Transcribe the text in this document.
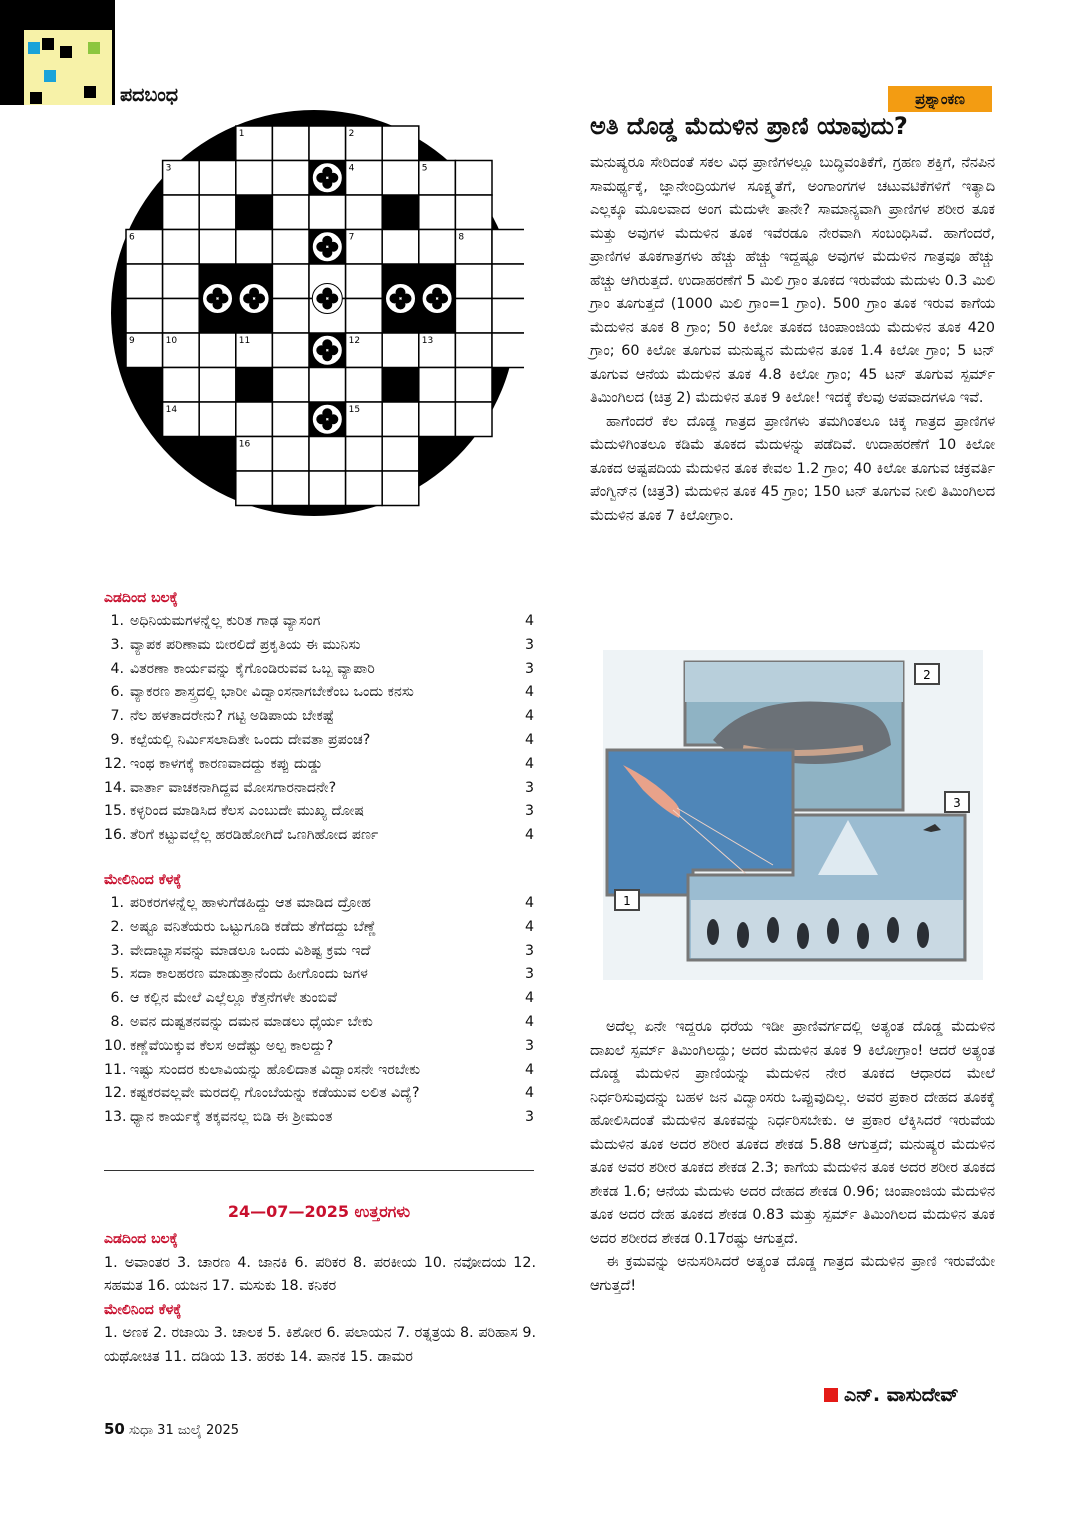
ಪದಬಂಧ
1	2
3	4	5
6	7	8
9	10	11	12	13
14	15
16
ಎಡದಿಂದ ಬಲಕ್ಕೆ
1. ಅಧಿನಿಯಮಗಳನ್ನೆಲ್ಲ ಕುರಿತ ಗಾಢ ವ್ಯಾಸಂಗ	4
3. ವ್ಯಾಪಕ ಪರಿಣಾಮ ಬೀರಲಿದೆ ಪ್ರಕೃತಿಯ ಈ ಮುನಿಸು	3
4. ವಿತರಣಾ ಕಾರ್ಯವನ್ನು ಕೈಗೊಂಡಿರುವವ ಒಬ್ಬ ವ್ಯಾಪಾರಿ	3
6. ವ್ಯಾಕರಣ ಶಾಸ್ತ್ರದಲ್ಲಿ ಭಾರೀ ವಿದ್ವಾಂಸನಾಗಬೇಕೆಂಬ ಒಂದು ಕನಸು	4
7. ನೆಲ ಹಳತಾದರೇನು? ಗಟ್ಟಿ ಅಡಿಪಾಯ ಬೇಕಷ್ಟೆ	4
9. ಕಲ್ಪೆಯಲ್ಲಿ ನಿರ್ಮಿಸಲಾದಿತೇ ಒಂದು ದೇವತಾ ಪ್ರಪಂಚ?	4
12. ಇಂಥ ಕಾಳಗಕ್ಕೆ ಕಾರಣವಾದದ್ದು ಕಪ್ಪು ದುಡ್ಡು	4
14. ವಾರ್ತಾ ವಾಚಕನಾಗಿದ್ದವ ಮೋಸಗಾರನಾದನೇ?	3
15. ಕಳ್ಳರಿಂದ ಮಾಡಿಸಿದ ಕೆಲಸ ಎಂಬುದೇ ಮುಖ್ಯ ದೋಷ	3
16. ತೆರಿಗೆ ಕಟ್ಟುವಲ್ಲೆಲ್ಲ ಹರಡಿಹೋಗಿದೆ ಒಣಗಿಹೋದ ಪರ್ಣ	4
ಮೇಲಿನಿಂದ ಕೆಳಕ್ಕೆ
1. ಪರಿಕರಗಳನ್ನೆಲ್ಲ ಹಾಳುಗೆಡಹಿದ್ದು ಆತ ಮಾಡಿದ ದ್ರೋಹ	4
2. ಅಷ್ಟೂ ವನಿತೆಯರು ಒಟ್ಟುಗೂಡಿ ಕಡೆದು ತೆಗೆದದ್ದು ಬೆಣ್ಣೆ	4
3. ವೇದಾಭ್ಯಾಸವನ್ನು ಮಾಡಲೂ ಒಂದು ವಿಶಿಷ್ಟ ಕ್ರಮ ಇದೆ	3
5. ಸದಾ ಕಾಲಹರಣ ಮಾಡುತ್ತಾನೆಂದು ಹೀಗೊಂದು ಜಗಳ	3
6. ಆ ಕಲ್ಲಿನ ಮೇಲೆ ಎಲ್ಲೆಲ್ಲೂ ಕೆತ್ತನೆಗಳೇ ತುಂಬಿವೆ	4
8. ಅವನ ದುಷ್ಟತನವನ್ನು ದಮನ ಮಾಡಲು ಧೈರ್ಯ ಬೇಕು	4
10. ಕಣ್ಣೆವೆಯಿಕ್ಕುವ ಕೆಲಸ ಅದೆಷ್ಟು ಅಲ್ಪ ಕಾಲದ್ದು?	3
11. ಇಷ್ಟು ಸುಂದರ ಕುಲಾವಿಯನ್ನು ಹೊಲಿದಾತ ವಿದ್ವಾಂಸನೇ ಇರಬೇಕು	4
12. ಕಷ್ಟಕರವಲ್ಲವೇ ಮರದಲ್ಲಿ ಗೊಂಬೆಯನ್ನು ಕಡೆಯುವ ಲಲಿತ ವಿದ್ಯೆ?	4
13. ಧ್ಯಾನ ಕಾರ್ಯಕ್ಕೆ ತಕ್ಕವನಲ್ಲ ಬಿಡಿ ಈ ಶ್ರೀಮಂತ	3
24—07—2025 ಉತ್ತರಗಳು
ಎಡದಿಂದ ಬಲಕ್ಕೆ

1. ಅವಾಂತರ 3. ಚಾರಣ 4. ಜಾನಕಿ 6. ಪರಿಕರ 8. ಪರಕೀಯ 10. ನವೋದಯ 12. ಸಹಮತ 16. ಯಜನ 17. ಮಸುಕು 18. ಕನಿಕರ

ಮೇಲಿನಿಂದ ಕೆಳಕ್ಕೆ

1. ಅಣಕ 2. ರಜಾಯಿ 3. ಚಾಲಕ 5. ಕಿಶೋರ 6. ಪಲಾಯನ 7. ರತ್ನತ್ರಯ 8. ಪರಿಹಾಸ 9. ಯಥೋಚಿತ 11. ದಡಿಯ 13. ಹರಕು 14. ಪಾನಕ 15. ಡಾಮರ

50 ಸುಧಾ 31 ಜುಲೈ 2025
ಪ್ರಶ್ನಾಂಕಣ
ಅತಿ ದೊಡ್ಡ ಮೆದುಳಿನ ಪ್ರಾಣಿ ಯಾವುದು?

ಮನುಷ್ಯರೂ ಸೇರಿದಂತೆ ಸಕಲ ವಿಧ ಪ್ರಾಣಿಗಳಲ್ಲೂ ಬುದ್ಧಿವಂತಿಕೆಗೆ, ಗ್ರಹಣ ಶಕ್ತಿಗೆ, ನೆನಪಿನ ಸಾಮರ್ಥ್ಯಕ್ಕೆ, ಜ್ಞಾನೇಂದ್ರಿಯಗಳ ಸೂಕ್ಷ್ಮತೆಗೆ, ಅಂಗಾಂಗಗಳ ಚಟುವಟಿಕೆಗಳಿಗೆ ಇತ್ಯಾದಿ ಎಲ್ಲಕ್ಕೂ ಮೂಲವಾದ ಅಂಗ ಮೆದುಳೇ ತಾನೇ? ಸಾಮಾನ್ಯವಾಗಿ ಪ್ರಾಣಿಗಳ ಶರೀರ ತೂಕ ಮತ್ತು ಅವುಗಳ ಮೆದುಳಿನ ತೂಕ ಇವೆರಡೂ ನೇರವಾಗಿ ಸಂಬಂಧಿಸಿವೆ. ಹಾಗೆಂದರೆ, ಪ್ರಾಣಿಗಳ ತೂಕಗಾತ್ರಗಳು ಹೆಚ್ಚು ಹೆಚ್ಚು ಇದ್ದಷ್ಟೂ ಅವುಗಳ ಮೆದುಳಿನ ಗಾತ್ರವೂ ಹೆಚ್ಚು ಹೆಚ್ಚು ಆಗಿರುತ್ತದೆ. ಉದಾಹರಣೆಗೆ 5 ಮಿಲಿ ಗ್ರಾಂ ತೂಕದ ಇರುವೆಯ ಮೆದುಳು 0.3 ಮಿಲಿ ಗ್ರಾಂ ತೂಗುತ್ತದೆ (1000 ಮಿಲಿ ಗ್ರಾಂ=1 ಗ್ರಾಂ). 500 ಗ್ರಾಂ ತೂಕ ಇರುವ ಕಾಗೆಯ ಮೆದುಳಿನ ತೂಕ 8 ಗ್ರಾಂ; 50 ಕಿಲೋ ತೂಕದ ಚಿಂಪಾಂಜಿಯ ಮೆದುಳಿನ ತೂಕ 420 ಗ್ರಾಂ; 60 ಕಿಲೋ ತೂಗುವ ಮನುಷ್ಯನ ಮೆದುಳಿನ ತೂಕ 1.4 ಕಿಲೋ ಗ್ರಾಂ; 5 ಟನ್ ತೂಗುವ ಆನೆಯ ಮೆದುಳಿನ ತೂಕ 4.8 ಕಿಲೋ ಗ್ರಾಂ; 45 ಟನ್ ತೂಗುವ ಸ್ಪರ್ಮ್ ತಿಮಿಂಗಿಲದ (ಚಿತ್ರ 2) ಮೆದುಳಿನ ತೂಕ 9 ಕಿಲೋ! ಇದಕ್ಕೆ ಕೆಲವು ಅಪವಾದಗಳೂ ಇವೆ.

ಹಾಗೆಂದರೆ ಕೆಲ ದೊಡ್ಡ ಗಾತ್ರದ ಪ್ರಾಣಿಗಳು ತಮಗಿಂತಲೂ ಚಿಕ್ಕ ಗಾತ್ರದ ಪ್ರಾಣಿಗಳ ಮೆದುಳಿಗಿಂತಲೂ ಕಡಿಮೆ ತೂಕದ ಮೆದುಳನ್ನು ಪಡೆದಿವೆ. ಉದಾಹರಣೆಗೆ 10 ಕಿಲೋ ತೂಕದ ಅಷ್ಟಪದಿಯ ಮೆದುಳಿನ ತೂಕ ಕೇವಲ 1.2 ಗ್ರಾಂ; 40 ಕಿಲೋ ತೂಗುವ ಚಕ್ರವರ್ತಿ ಪೆಂಗ್ವಿನ್‌ನ (ಚಿತ್ರ3) ಮೆದುಳಿನ ತೂಕ 45 ಗ್ರಾಂ; 150 ಟನ್ ತೂಗುವ ನೀಲಿ ತಿಮಿಂಗಿಲದ ಮೆದುಳಿನ ತೂಕ 7 ಕಿಲೋಗ್ರಾಂ.

2
3
1

ಅದೆಲ್ಲ ಏನೇ ಇದ್ದರೂ ಧರೆಯ ಇಡೀ ಪ್ರಾಣಿವರ್ಗದಲ್ಲಿ ಅತ್ಯಂತ ದೊಡ್ಡ ಮೆದುಳಿನ ದಾಖಲೆ ಸ್ಪರ್ಮ್ ತಿಮಿಂಗಿಲದ್ದು; ಅದರ ಮೆದುಳಿನ ತೂಕ 9 ಕಿಲೋಗ್ರಾಂ! ಆದರೆ ಅತ್ಯಂತ ದೊಡ್ಡ ಮೆದುಳಿನ ಪ್ರಾಣಿಯನ್ನು ಮೆದುಳಿನ ನೇರ ತೂಕದ ಆಧಾರದ ಮೇಲೆ ನಿರ್ಧರಿಸುವುದನ್ನು ಬಹಳ ಜನ ವಿದ್ವಾಂಸರು ಒಪ್ಪುವುದಿಲ್ಲ. ಅವರ ಪ್ರಕಾರ ದೇಹದ ತೂಕಕ್ಕೆ ಹೋಲಿಸಿದಂತೆ ಮೆದುಳಿನ ತೂಕವನ್ನು ನಿರ್ಧರಿಸಬೇಕು. ಆ ಪ್ರಕಾರ ಲೆಕ್ಕಿಸಿದರೆ ಇರುವೆಯ ಮೆದುಳಿನ ತೂಕ ಅದರ ಶರೀರ ತೂಕದ ಶೇಕಡ 5.88 ಆಗುತ್ತದೆ; ಮನುಷ್ಯರ ಮೆದುಳಿನ ತೂಕ ಅವರ ಶರೀರ ತೂಕದ ಶೇಕಡ 2.3; ಕಾಗೆಯ ಮೆದುಳಿನ ತೂಕ ಅದರ ಶರೀರ ತೂಕದ ಶೇಕಡ 1.6; ಆನೆಯ ಮೆದುಳು ಅದರ ದೇಹದ ಶೇಕಡ 0.96; ಚಿಂಪಾಂಜಿಯ ಮೆದುಳಿನ ತೂಕ ಅದರ ದೇಹ ತೂಕದ ಶೇಕಡ 0.83 ಮತ್ತು ಸ್ಪರ್ಮ್ ತಿಮಿಂಗಿಲದ ಮೆದುಳಿನ ತೂಕ ಅದರ ಶರೀರದ ಶೇಕಡ 0.17ರಷ್ಟು ಆಗುತ್ತದೆ.

ಈ ಕ್ರಮವನ್ನು ಅನುಸರಿಸಿದರೆ ಅತ್ಯಂತ ದೊಡ್ಡ ಗಾತ್ರದ ಮೆದುಳಿನ ಪ್ರಾಣಿ ಇರುವೆಯೇ ಆಗುತ್ತದೆ!

ಎನ್. ವಾಸುದೇವ್
